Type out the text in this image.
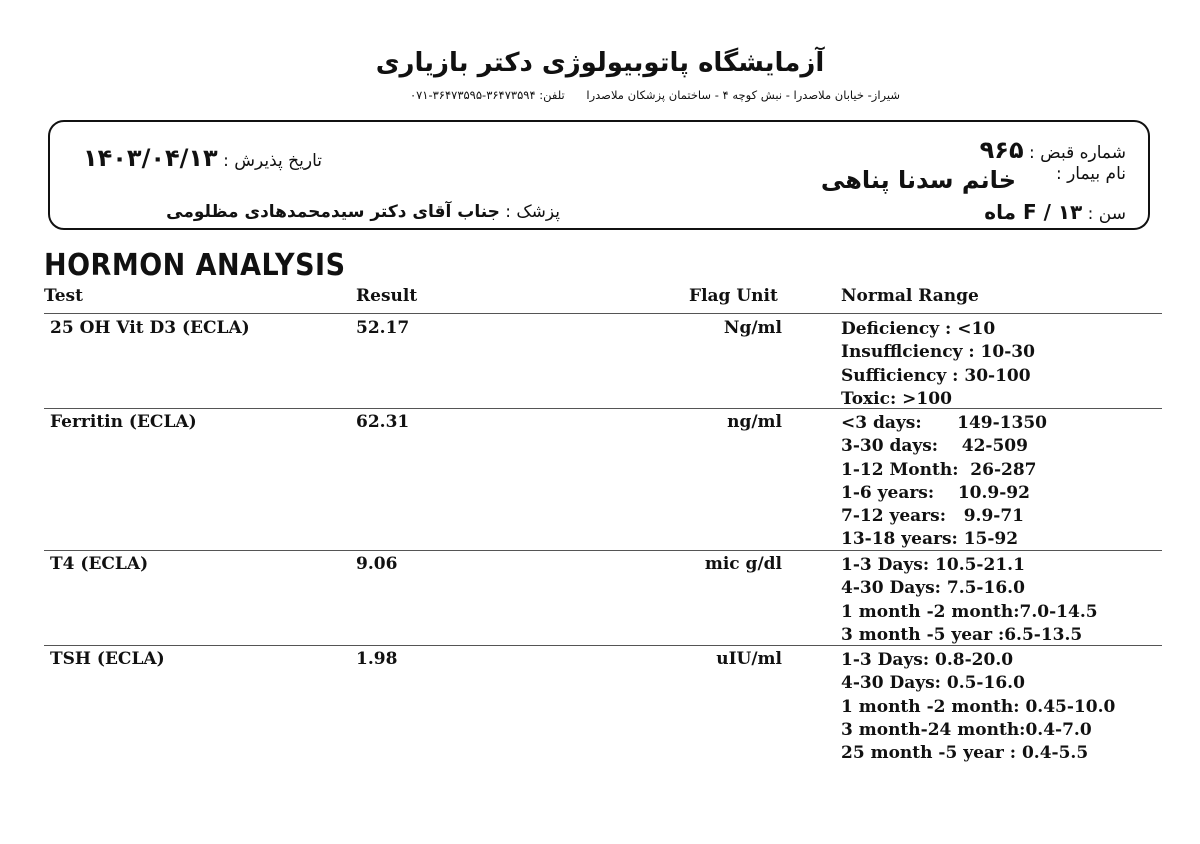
آزمایشگاه پاتوبیولوژی دکتر بازیاری
شیراز- خیابان ملاصدرا - نبش کوچه ۴ - ساختمان پزشکان ملاصدرا تلفن: ۳۶۴۷۳۵۹۴-۳۶۴۷۳۵۹۵-۰۷۱
شماره قبض : ۹۶۵
نام بیمار :
خانم سدنا پناهی
سن : F / ۱۳ ماه
تاریخ پذیرش : ۱۴۰۳/۰۴/۱۳
پزشک : جناب آقای دکتر سیدمحمدهادی مظلومی
HORMON ANALYSIS
Test	Result	Flag Unit	Normal Range
25 OH Vit D3 (ECLA)	52.17	Ng/ml	Deficiency : <10
Insufflciency : 10-30
Sufficiency : 30-100
Toxic: >100
Ferritin (ECLA)	62.31	ng/ml	<3 days:      149-1350
3-30 days:    42-509
1-12 Month:  26-287
1-6 years:    10.9-92
7-12 years:   9.9-71
13-18 years: 15-92
T4 (ECLA)	9.06	mic g/dl	1-3 Days: 10.5-21.1
4-30 Days: 7.5-16.0
1 month -2 month:7.0-14.5
3 month -5 year :6.5-13.5
TSH (ECLA)	1.98	uIU/ml	1-3 Days: 0.8-20.0
4-30 Days: 0.5-16.0
1 month -2 month: 0.45-10.0
3 month-24 month:0.4-7.0
25 month -5 year : 0.4-5.5
